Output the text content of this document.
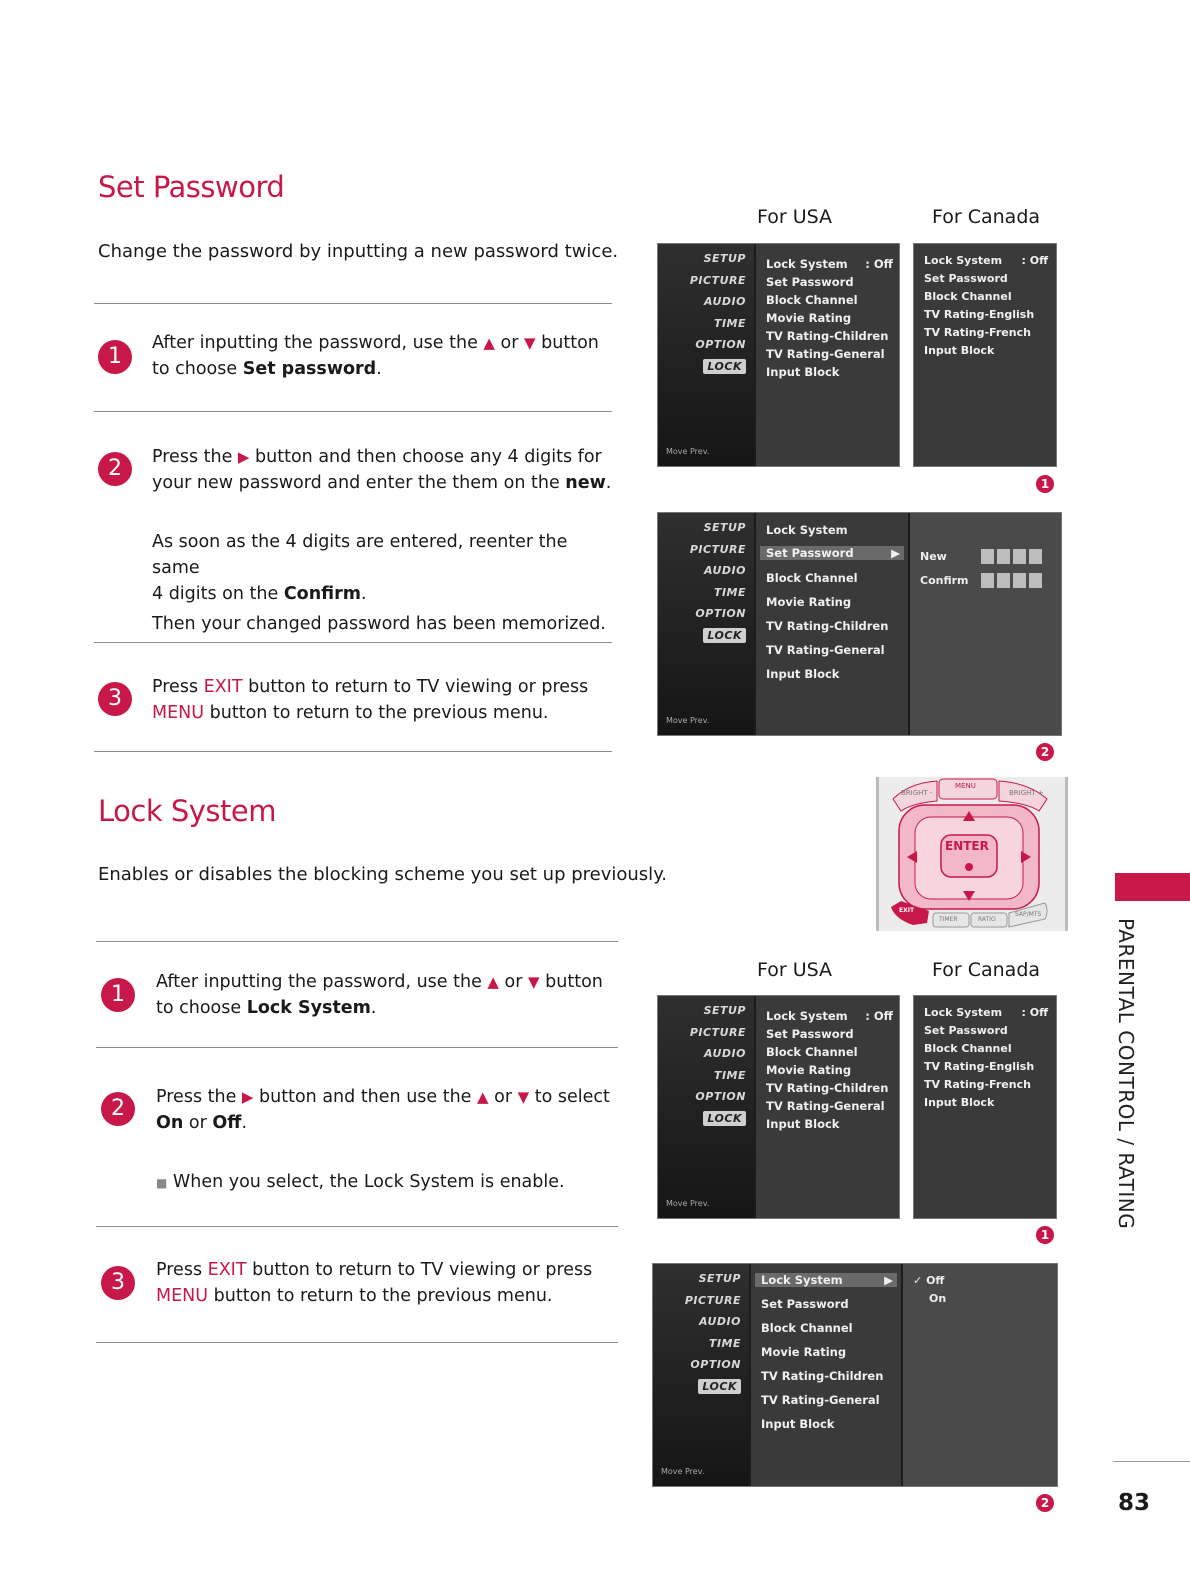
Set Password
Change the password by inputting a new password twice.
1
After inputting the password, use the ▲ or ▼ button
to choose Set password.
2	Press the ▶ button and then choose any 4 digits for
your new password and enter the them on the new.
As soon as the 4 digits are entered, reenter the same
4 digits on the Confirm.
Then your changed password has been memorized.
3	Press EXIT button to return to TV viewing or press
MENU button to return to the previous menu.
Lock System
Enables or disables the blocking scheme you set up previously.
1	After inputting the password, use the ▲ or ▼ button
to choose Lock System.
2	Press the ▶ button and then use the ▲ or ▼ to select
On or Off.
■ When you select, the Lock System is enable.
3	Press EXIT button to return to TV viewing or press
MENU button to return to the previous menu.
For USA	For Canada
SETUP
PICTURE
AUDIO
TIME
OPTION
LOCK
Move Prev.
Lock System : Off
Set Password
Block Channel
Movie Rating
TV Rating-Children
TV Rating-General
Input Block
Lock System : Off
Set Password
Block Channel
TV Rating-English
TV Rating-French
Input Block
1
SETUP
PICTURE
AUDIO
TIME
OPTION
LOCK
Move Prev.
Lock System
Set Password	▶
Block Channel
Movie Rating
TV Rating-Children
TV Rating-General
Input Block
New
Confirm
2
BRIGHT -
MENU
BRIGHT +
ENTER
EXIT
TIMER	RATIO
SAP/MTS
For USA	For Canada
SETUP
PICTURE
AUDIO
TIME
OPTION
LOCK
Move Prev.
Lock System : Off
Set Password
Block Channel
Movie Rating
TV Rating-Children
TV Rating-General
Input Block
Lock System : Off
Set Password
Block Channel
TV Rating-English
TV Rating-French
Input Block
1
SETUP
PICTURE
AUDIO
TIME
OPTION
LOCK
Move Prev.
Lock System	▶
Set Password
Block Channel
Movie Rating
TV Rating-Children
TV Rating-General
Input Block
✓ Off
On
2
PARENTAL CONTROL / RATING
83
